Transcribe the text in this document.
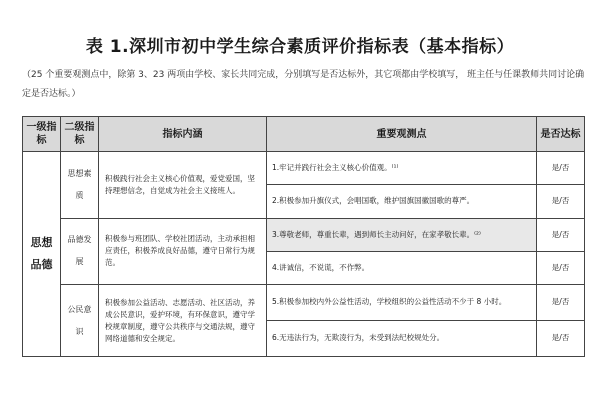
表 1.深圳市初中学生综合素质评价指标表（基本指标）
（25 个重要观测点中，除第 3、23 两项由学校、家长共同完成，分别填写是否达标外，其它项都由学校填写， 班主任与任课教师共同讨论确定是否达标。）
一级指标	二级指标	指标内涵	重要观测点	是否达标
思想品德	思想素质	积极践行社会主义核心价值观，爱党爱国，坚持理想信念，自觉成为社会主义接班人。	1.牢记并践行社会主义核心价值观。⁽¹⁾	是/否
			2.积极参加升旗仪式，会唱国歌，维护国旗国徽国歌的尊严。	是/否
	品德发展	积极参与班团队、学校社团活动，主动承担相应责任，积极养成良好品德，遵守日常行为规范。	3.尊敬老师，尊重长辈，遇到师长主动问好，在家孝敬长辈。⁽²⁾	是/否
			4.讲诚信，不说谎，不作弊。	是/否
	公民意识	积极参加公益活动、志愿活动、社区活动，养成公民意识，爱护环境，有环保意识，遵守学校规章制度，遵守公共秩序与交通法规，遵守网络道德和安全规定。	5.积极参加校内外公益性活动，学校组织的公益性活动不少于 8 小时。	是/否
			6.无违法行为，无欺凌行为，未受到法纪校规处分。	是/否
